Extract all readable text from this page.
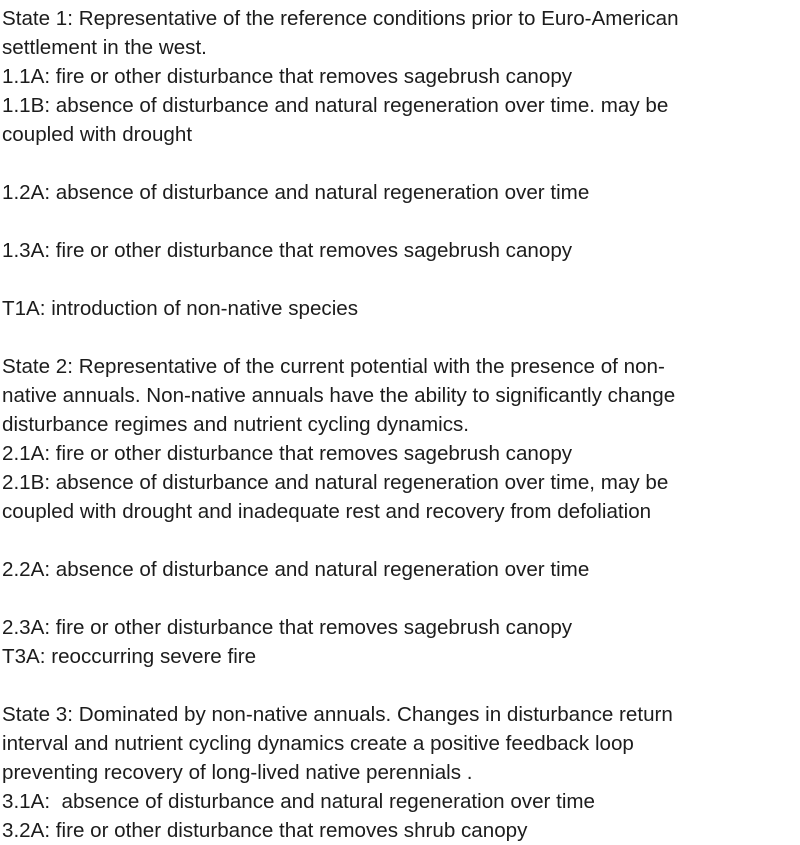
State 1: Representative of the reference conditions prior to Euro-American
settlement in the west.
1.1A: fire or other disturbance that removes sagebrush canopy
1.1B: absence of disturbance and natural regeneration over time. may be
coupled with drought
1.2A: absence of disturbance and natural regeneration over time
1.3A: fire or other disturbance that removes sagebrush canopy
T1A: introduction of non-native species
State 2: Representative of the current potential with the presence of non-
native annuals. Non-native annuals have the ability to significantly change
disturbance regimes and nutrient cycling dynamics.
2.1A: fire or other disturbance that removes sagebrush canopy
2.1B: absence of disturbance and natural regeneration over time, may be
coupled with drought and inadequate rest and recovery from defoliation
2.2A: absence of disturbance and natural regeneration over time
2.3A: fire or other disturbance that removes sagebrush canopy
T3A: reoccurring severe fire
State 3: Dominated by non-native annuals. Changes in disturbance return
interval and nutrient cycling dynamics create a positive feedback loop
preventing recovery of long-lived native perennials .
3.1A:  absence of disturbance and natural regeneration over time
3.2A: fire or other disturbance that removes shrub canopy
